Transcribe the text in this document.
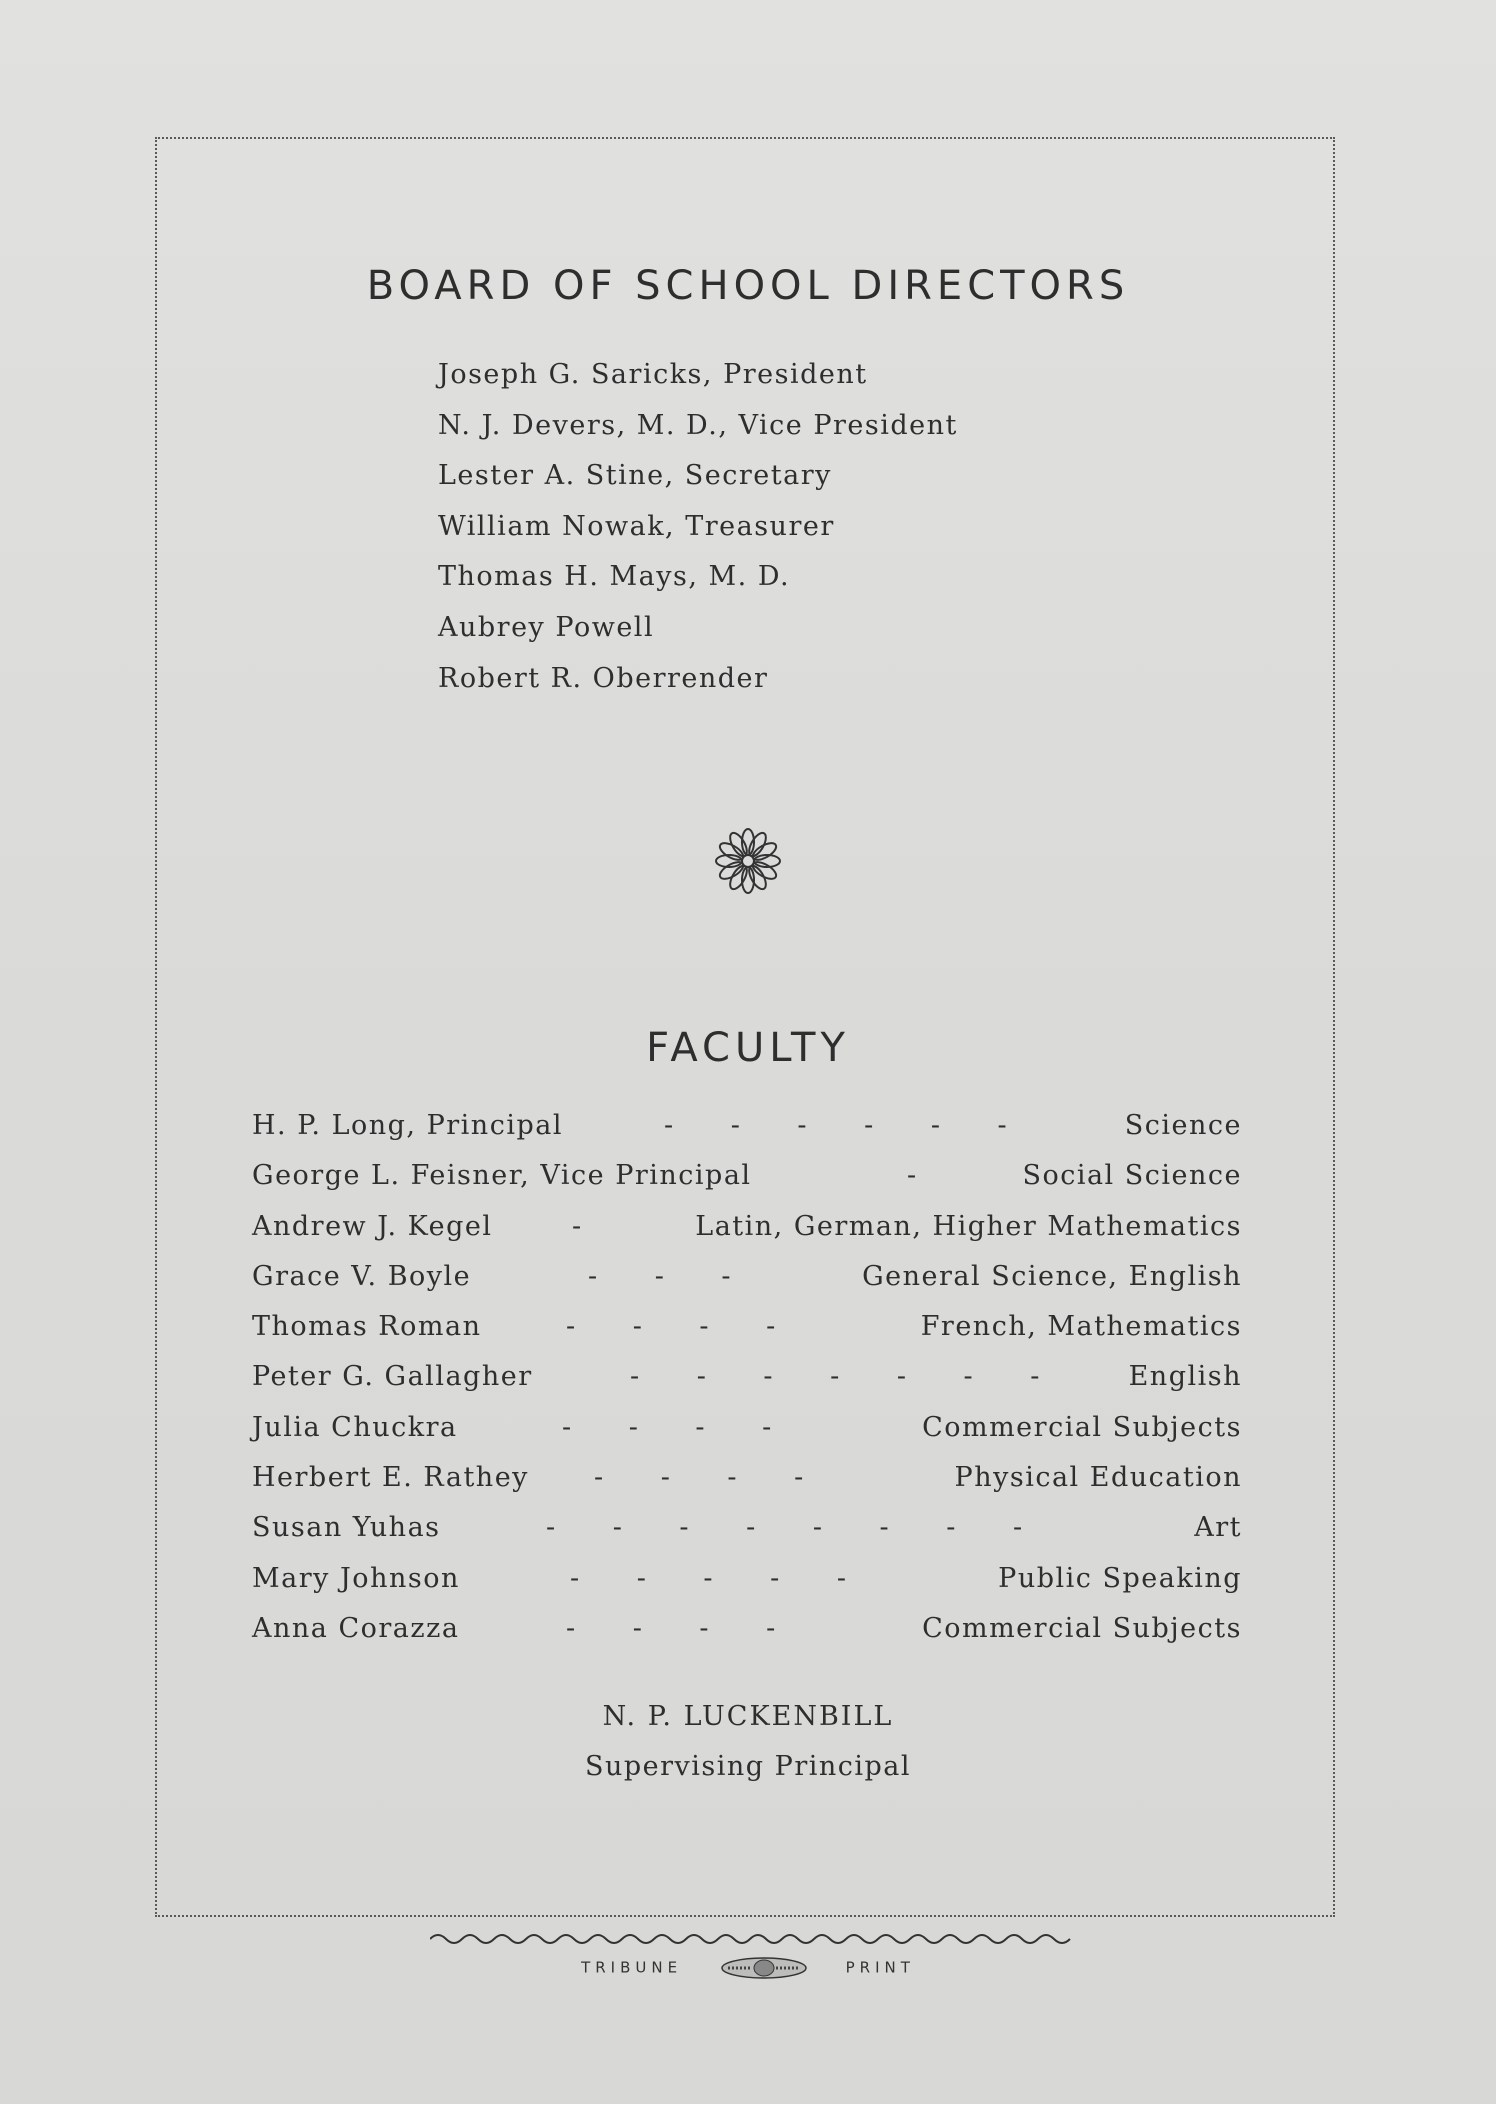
BOARD OF SCHOOL DIRECTORS
Joseph G. Saricks, President
N. J. Devers, M. D., Vice President
Lester A. Stine, Secretary
William Nowak, Treasurer
Thomas H. Mays, M. D.
Aubrey Powell
Robert R. Oberrender
FACULTY
H. P. Long, Principal	- - - - - -	Science
George L. Feisner, Vice Principal	-	Social Science
Andrew J. Kegel	-	Latin, German, Higher Mathematics
Grace V. Boyle	- - -	General Science, English
Thomas Roman	- - - -	French, Mathematics
Peter G. Gallagher	- - - - - - -	English
Julia Chuckra	- - - -	Commercial Subjects
Herbert E. Rathey - - - -	Physical Education
Susan Yuhas	- - - - - - - -	Art
Mary Johnson	- - - - -	Public Speaking
Anna Corazza	- - - -	Commercial Subjects
N. P. LUCKENBILL
Supervising Principal
TRIBUNE	PRINT
